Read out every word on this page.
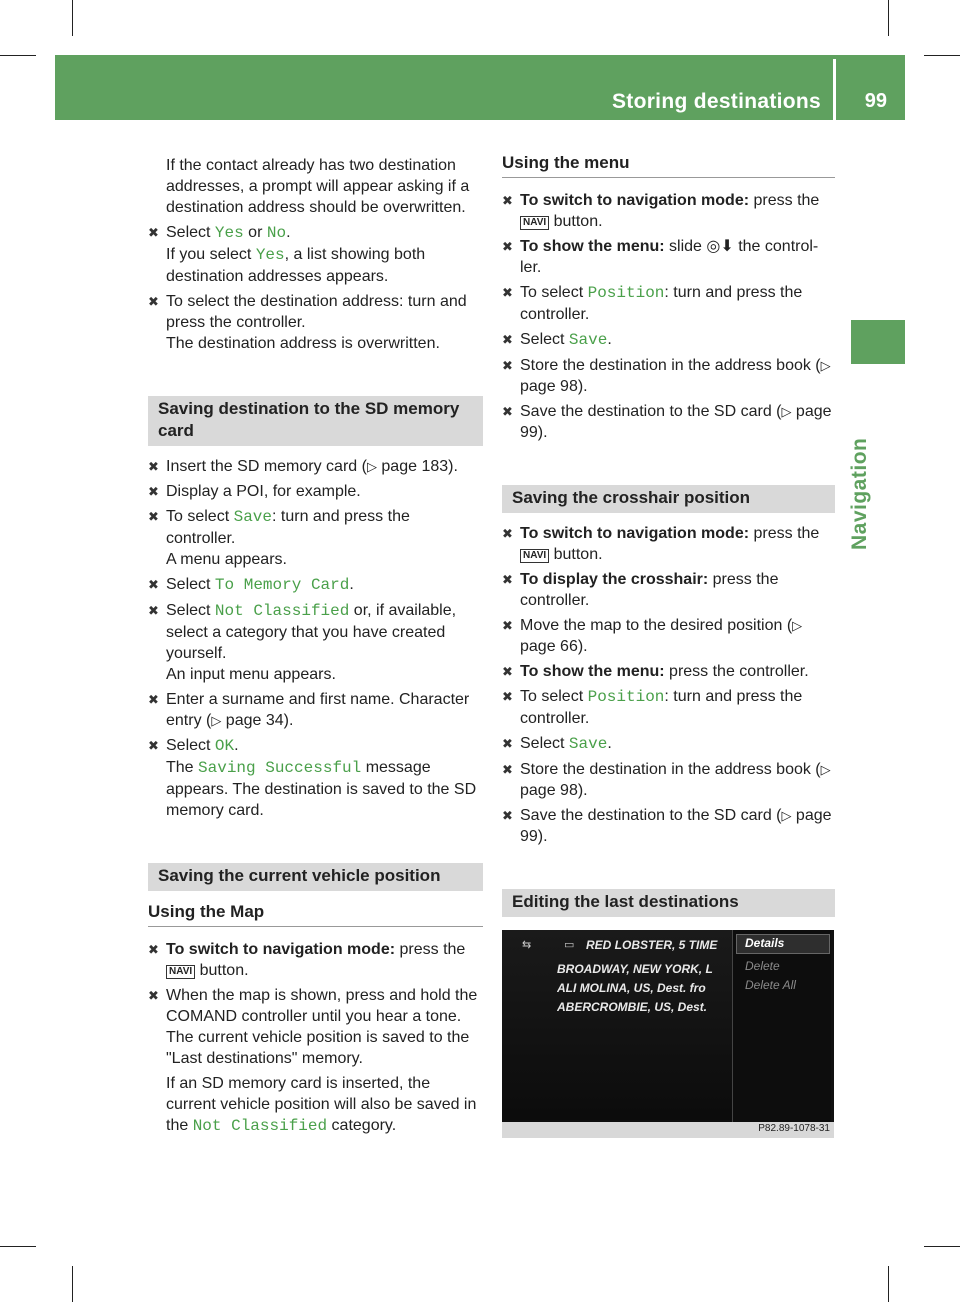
Storing destinations 99
Navigation

If the contact already has two destination addresses, a prompt will appear asking if a destination address should be overwritten.

✖ Select Yes or No.
If you select Yes, a list showing both destination addresses appears.
✖ To select the destination address: turn and press the controller.
The destination address is overwritten.
Saving destination to the SD memory card
✖ Insert the SD memory card (▷ page 183).
✖ Display a POI, for example.
✖ To select Save: turn and press the controller.
A menu appears.
✖ Select To Memory Card.
✖ Select Not Classified or, if available, select a category that you have created yourself.
An input menu appears.
✖ Enter a surname and first name. Character entry (▷ page 34).
✖ Select OK.
The Saving Successful message appears. The destination is saved to the SD memory card.
Saving the current vehicle position
Using the Map
✖ To switch to navigation mode: press the NAVI button.
✖ When the map is shown, press and hold the COMAND controller until you hear a tone.
The current vehicle position is saved to the "Last destinations" memory.
If an SD memory card is inserted, the current vehicle position will also be saved in the Not Classified category.
Using the menu
✖ To switch to navigation mode: press the NAVI button.
✖ To show the menu: slide ◎⬇ the control- ler.
✖ To select Position: turn and press the controller.
✖ Select Save.
✖ Store the destination in the address book (▷ page 98).
✖ Save the destination to the SD card (▷ page 99).
Saving the crosshair position
✖ To switch to navigation mode: press the NAVI button.
✖ To display the crosshair: press the controller.
✖ Move the map to the desired position (▷ page 66).
✖ To show the menu: press the controller.
✖ To select Position: turn and press the controller.
✖ Select Save.
✖ Store the destination in the address book (▷ page 98).
✖ Save the destination to the SD card (▷ page 99).
Editing the last destinations
⇆	▭ RED LOBSTER, 5 TIME
BROADWAY, NEW YORK, L
ALI MOLINA, US, Dest. fro
ABERCROMBIE, US, Dest.
Details
Delete
Delete All
P82.89-1078-31
